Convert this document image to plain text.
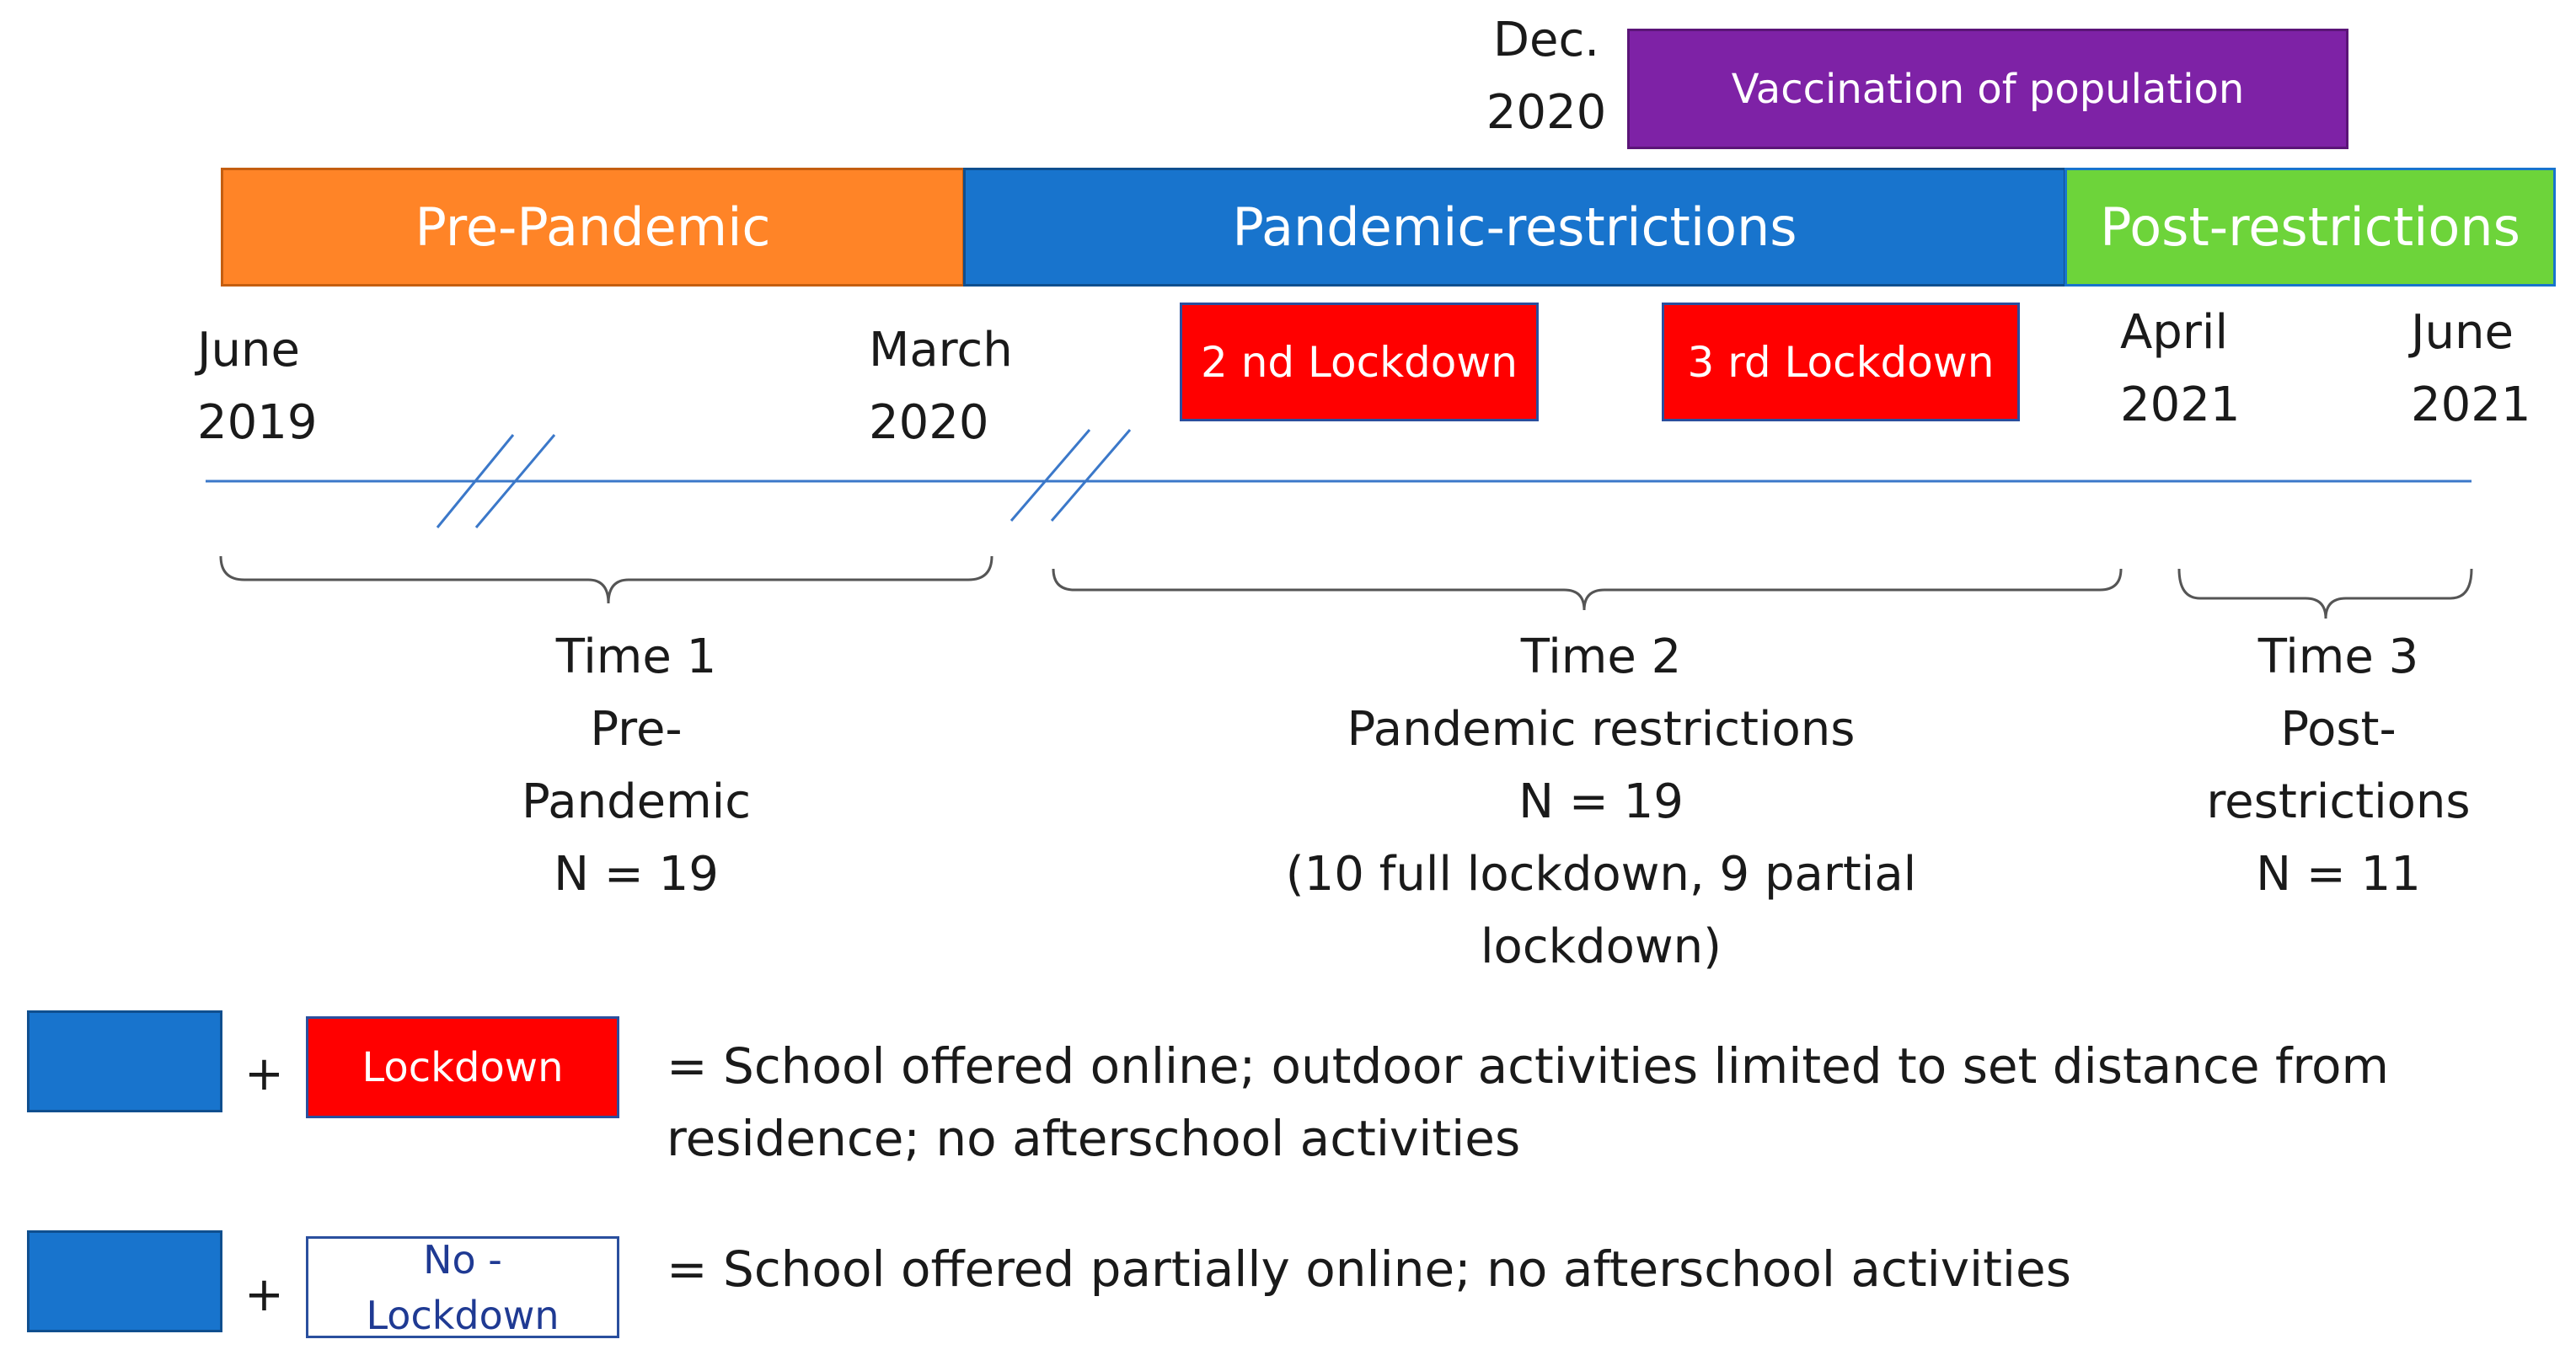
Dec.
2020	Vaccination of population
Pre-Pandemic	Pandemic-restrictions	Post-restrictions
2 nd Lockdown	3 rd Lockdown
June
2019
March
2020
April
2021
June
2021
Time 1
Pre-
Pandemic
N = 19
Time 2
Pandemic restrictions
N = 19
(10 full lockdown, 9 partial
lockdown)
Time 3
Post-
restrictions
N = 11
+ Lockdown = School offered online; outdoor activities limited to set distance from
residence; no afterschool activities
+
No -
Lockdown
= School offered partially online; no afterschool activities
